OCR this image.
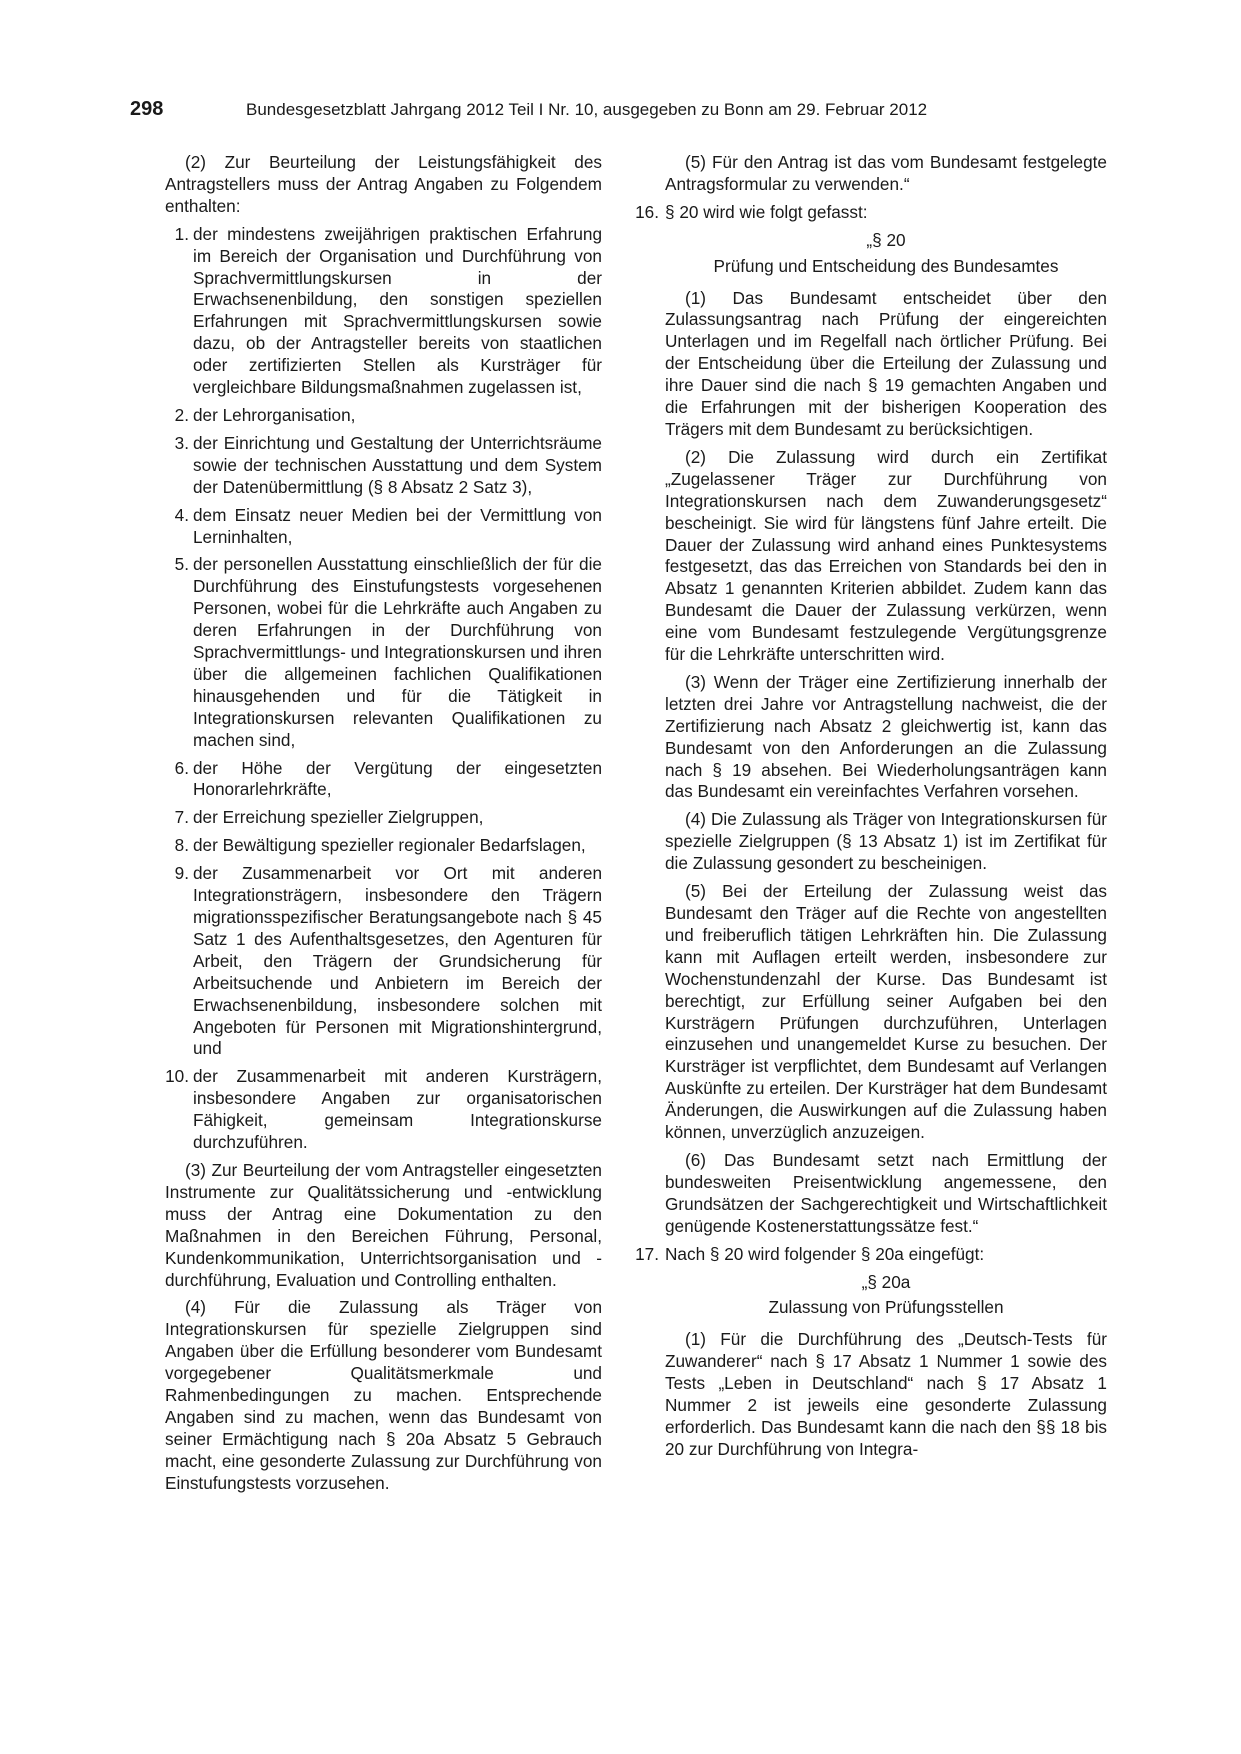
298	Bundesgesetzblatt Jahrgang 2012 Teil I Nr. 10, ausgegeben zu Bonn am 29. Februar 2012

(2) Zur Beurteilung der Leistungsfähigkeit des Antragstellers muss der Antrag Angaben zu Folgendem enthalten:

1. der mindestens zweijährigen praktischen Erfahrung im Bereich der Organisation und Durchführung von Sprachvermittlungskursen in der Erwachsenenbildung, den sonstigen speziellen Erfahrungen mit Sprachvermittlungskursen sowie dazu, ob der Antragsteller bereits von staatlichen oder zertifizierten Stellen als Kursträger für vergleichbare Bildungsmaßnahmen zugelassen ist,
2. der Lehrorganisation,
3. der Einrichtung und Gestaltung der Unterrichtsräume sowie der technischen Ausstattung und dem System der Datenübermittlung (§ 8 Absatz 2 Satz 3),
4. dem Einsatz neuer Medien bei der Vermittlung von Lerninhalten,
5. der personellen Ausstattung einschließlich der für die Durchführung des Einstufungstests vorgesehenen Personen, wobei für die Lehrkräfte auch Angaben zu deren Erfahrungen in der Durchführung von Sprachvermittlungs- und Integrationskursen und ihren über die allgemeinen fachlichen Qualifikationen hinausgehenden und für die Tätigkeit in Integrationskursen relevanten Qualifikationen zu machen sind,
6. der Höhe der Vergütung der eingesetzten Honorarlehrkräfte,
7. der Erreichung spezieller Zielgruppen,
8. der Bewältigung spezieller regionaler Bedarfslagen,
9. der Zusammenarbeit vor Ort mit anderen Integrationsträgern, insbesondere den Trägern migrationsspezifischer Beratungsangebote nach § 45 Satz 1 des Aufenthaltsgesetzes, den Agenturen für Arbeit, den Trägern der Grundsicherung für Arbeitsuchende und Anbietern im Bereich der Erwachsenenbildung, insbesondere solchen mit Angeboten für Personen mit Migrationshintergrund, und
10. der Zusammenarbeit mit anderen Kursträgern, insbesondere Angaben zur organisatorischen Fähigkeit, gemeinsam Integrationskurse durchzuführen.

(3) Zur Beurteilung der vom Antragsteller eingesetzten Instrumente zur Qualitätssicherung und -entwicklung muss der Antrag eine Dokumentation zu den Maßnahmen in den Bereichen Führung, Personal, Kundenkommunikation, Unterrichtsorganisation und -durchführung, Evaluation und Controlling enthalten.

(4) Für die Zulassung als Träger von Integrationskursen für spezielle Zielgruppen sind Angaben über die Erfüllung besonderer vom Bundesamt vorgegebener Qualitätsmerkmale und Rahmenbedingungen zu machen. Entsprechende Angaben sind zu machen, wenn das Bundesamt von seiner Ermächtigung nach § 20a Absatz 5 Gebrauch macht, eine gesonderte Zulassung zur Durchführung von Einstufungstests vorzusehen.

(5) Für den Antrag ist das vom Bundesamt festgelegte Antragsformular zu verwenden.“

16. § 20 wird wie folgt gefasst:
„§ 20
Prüfung und Entscheidung des Bundesamtes

(1) Das Bundesamt entscheidet über den Zulassungsantrag nach Prüfung der eingereichten Unterlagen und im Regelfall nach örtlicher Prüfung. Bei der Entscheidung über die Erteilung der Zulassung und ihre Dauer sind die nach § 19 gemachten Angaben und die Erfahrungen mit der bisherigen Kooperation des Trägers mit dem Bundesamt zu berücksichtigen.

(2) Die Zulassung wird durch ein Zertifikat „Zugelassener Träger zur Durchführung von Integrationskursen nach dem Zuwanderungsgesetz“ bescheinigt. Sie wird für längstens fünf Jahre erteilt. Die Dauer der Zulassung wird anhand eines Punktesystems festgesetzt, das das Erreichen von Standards bei den in Absatz 1 genannten Kriterien abbildet. Zudem kann das Bundesamt die Dauer der Zulassung verkürzen, wenn eine vom Bundesamt festzulegende Vergütungsgrenze für die Lehrkräfte unterschritten wird.

(3) Wenn der Träger eine Zertifizierung innerhalb der letzten drei Jahre vor Antragstellung nachweist, die der Zertifizierung nach Absatz 2 gleichwertig ist, kann das Bundesamt von den Anforderungen an die Zulassung nach § 19 absehen. Bei Wiederholungsanträgen kann das Bundesamt ein vereinfachtes Verfahren vorsehen.

(4) Die Zulassung als Träger von Integrationskursen für spezielle Zielgruppen (§ 13 Absatz 1) ist im Zertifikat für die Zulassung gesondert zu bescheinigen.

(5) Bei der Erteilung der Zulassung weist das Bundesamt den Träger auf die Rechte von angestellten und freiberuflich tätigen Lehrkräften hin. Die Zulassung kann mit Auflagen erteilt werden, insbesondere zur Wochenstundenzahl der Kurse. Das Bundesamt ist berechtigt, zur Erfüllung seiner Aufgaben bei den Kursträgern Prüfungen durchzuführen, Unterlagen einzusehen und unangemeldet Kurse zu besuchen. Der Kursträger ist verpflichtet, dem Bundesamt auf Verlangen Auskünfte zu erteilen. Der Kursträger hat dem Bundesamt Änderungen, die Auswirkungen auf die Zulassung haben können, unverzüglich anzuzeigen.

(6) Das Bundesamt setzt nach Ermittlung der bundesweiten Preisentwicklung angemessene, den Grundsätzen der Sachgerechtigkeit und Wirtschaftlichkeit genügende Kostenerstattungssätze fest.“

17. Nach § 20 wird folgender § 20a eingefügt:
„§ 20a
Zulassung von Prüfungsstellen

(1) Für die Durchführung des „Deutsch-Tests für Zuwanderer“ nach § 17 Absatz 1 Nummer 1 sowie des Tests „Leben in Deutschland“ nach § 17 Absatz 1 Nummer 2 ist jeweils eine gesonderte Zulassung erforderlich. Das Bundesamt kann die nach den §§ 18 bis 20 zur Durchführung von Integra-
